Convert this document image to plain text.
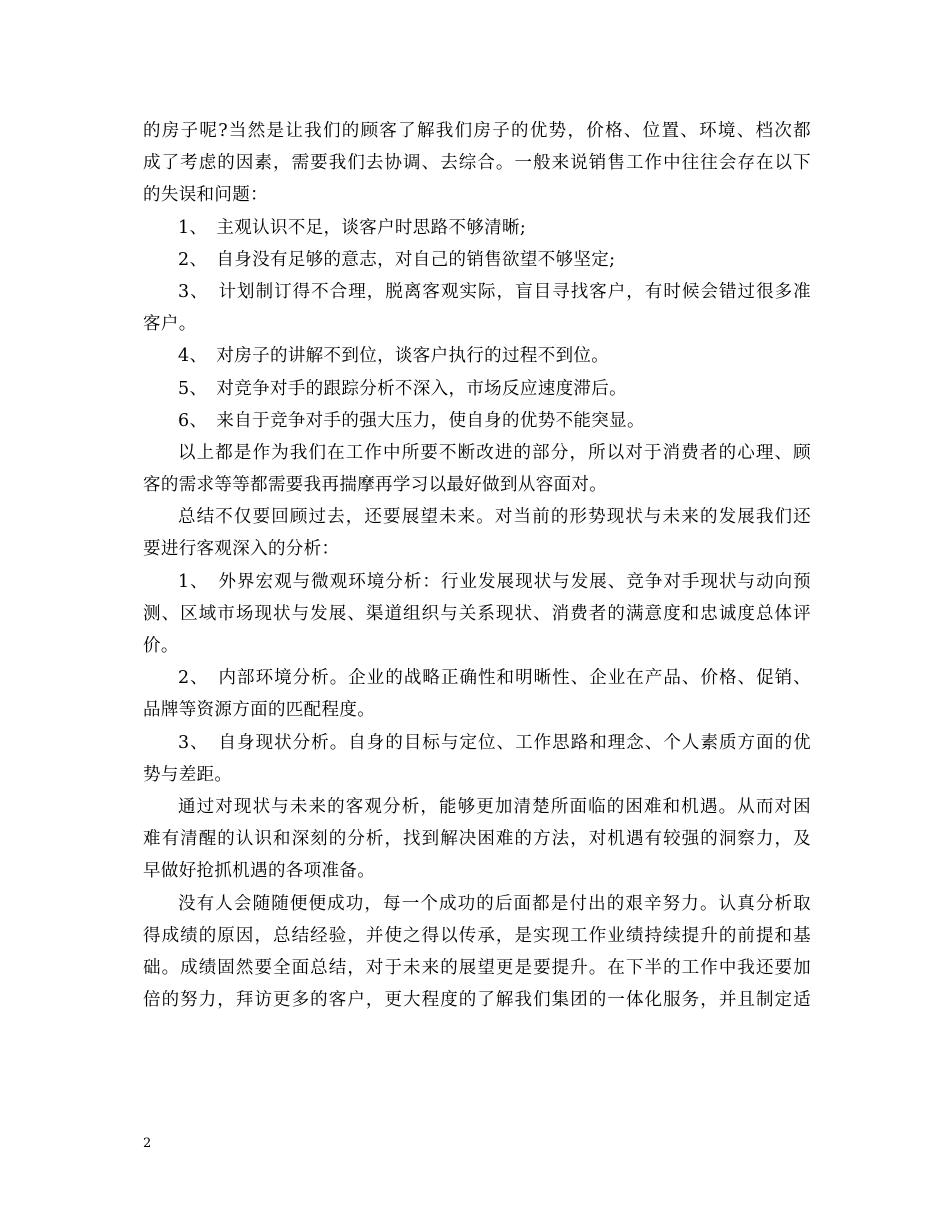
的房子呢?当然是让我们的顾客了解我们房子的优势，价格、位置、环境、档次都
成了考虑的因素，需要我们去协调、去综合。一般来说销售工作中往往会存在以下
的失误和问题：
1、　主观认识不足，谈客户时思路不够清晰;
2、　自身没有足够的意志，对自己的销售欲望不够坚定;
3、　计划制订得不合理，脱离客观实际，盲目寻找客户，有时候会错过很多准
客户。
4、　对房子的讲解不到位，谈客户执行的过程不到位。
5、　对竞争对手的跟踪分析不深入，市场反应速度滞后。
6、　来自于竞争对手的强大压力，使自身的优势不能突显。
以上都是作为我们在工作中所要不断改进的部分，所以对于消费者的心理、顾
客的需求等等都需要我再揣摩再学习以最好做到从容面对。
总结不仅要回顾过去，还要展望未来。对当前的形势现状与未来的发展我们还
要进行客观深入的分析：
1、　外界宏观与微观环境分析：行业发展现状与发展、竞争对手现状与动向预
测、区域市场现状与发展、渠道组织与关系现状、消费者的满意度和忠诚度总体评
价。
2、　内部环境分析。企业的战略正确性和明晰性、企业在产品、价格、促销、
品牌等资源方面的匹配程度。
3、　自身现状分析。自身的目标与定位、工作思路和理念、个人素质方面的优
势与差距。
通过对现状与未来的客观分析，能够更加清楚所面临的困难和机遇。从而对困
难有清醒的认识和深刻的分析，找到解决困难的方法，对机遇有较强的洞察力，及
早做好抢抓机遇的各项准备。
没有人会随随便便成功，每一个成功的后面都是付出的艰辛努力。认真分析取
得成绩的原因，总结经验，并使之得以传承，是实现工作业绩持续提升的前提和基
础。成绩固然要全面总结，对于未来的展望更是要提升。在下半的工作中我还要加
倍的努力，拜访更多的客户，更大程度的了解我们集团的一体化服务，并且制定适
2
